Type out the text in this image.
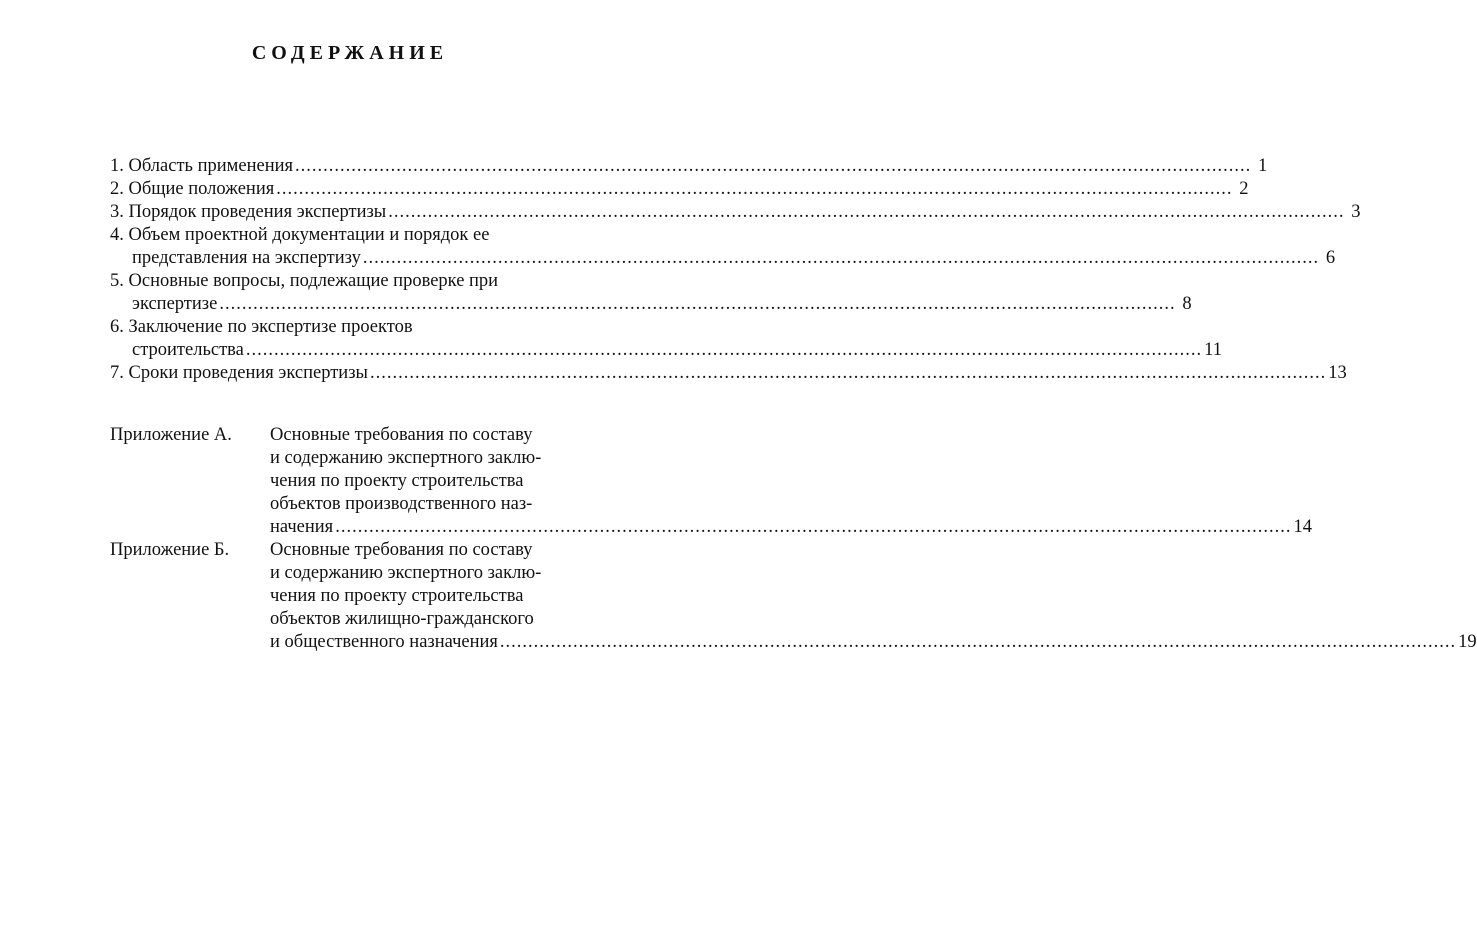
СОДЕРЖАНИЕ
1. Область применения .....	1
2. Общие положения .....	2
3. Порядок проведения экспертизы .....	3
4. Объем проектной документации и порядок ее
представления на экспертизу .....	6
5. Основные вопросы, подлежащие проверке при
экспертизе .....	8
6. Заключение по экспертизе проектов
строительства .....	11
7. Сроки проведения экспертизы .....	13
Приложение А.	Основные требования по составу
и содержанию экспертного заклю-
чения по проекту строительства
объектов производственного наз-
начения .....	14
Приложение Б.	Основные требования по составу
и содержанию экспертного заклю-
чения по проекту строительства
объектов жилищно-гражданского
и общественного назначения .....	19
